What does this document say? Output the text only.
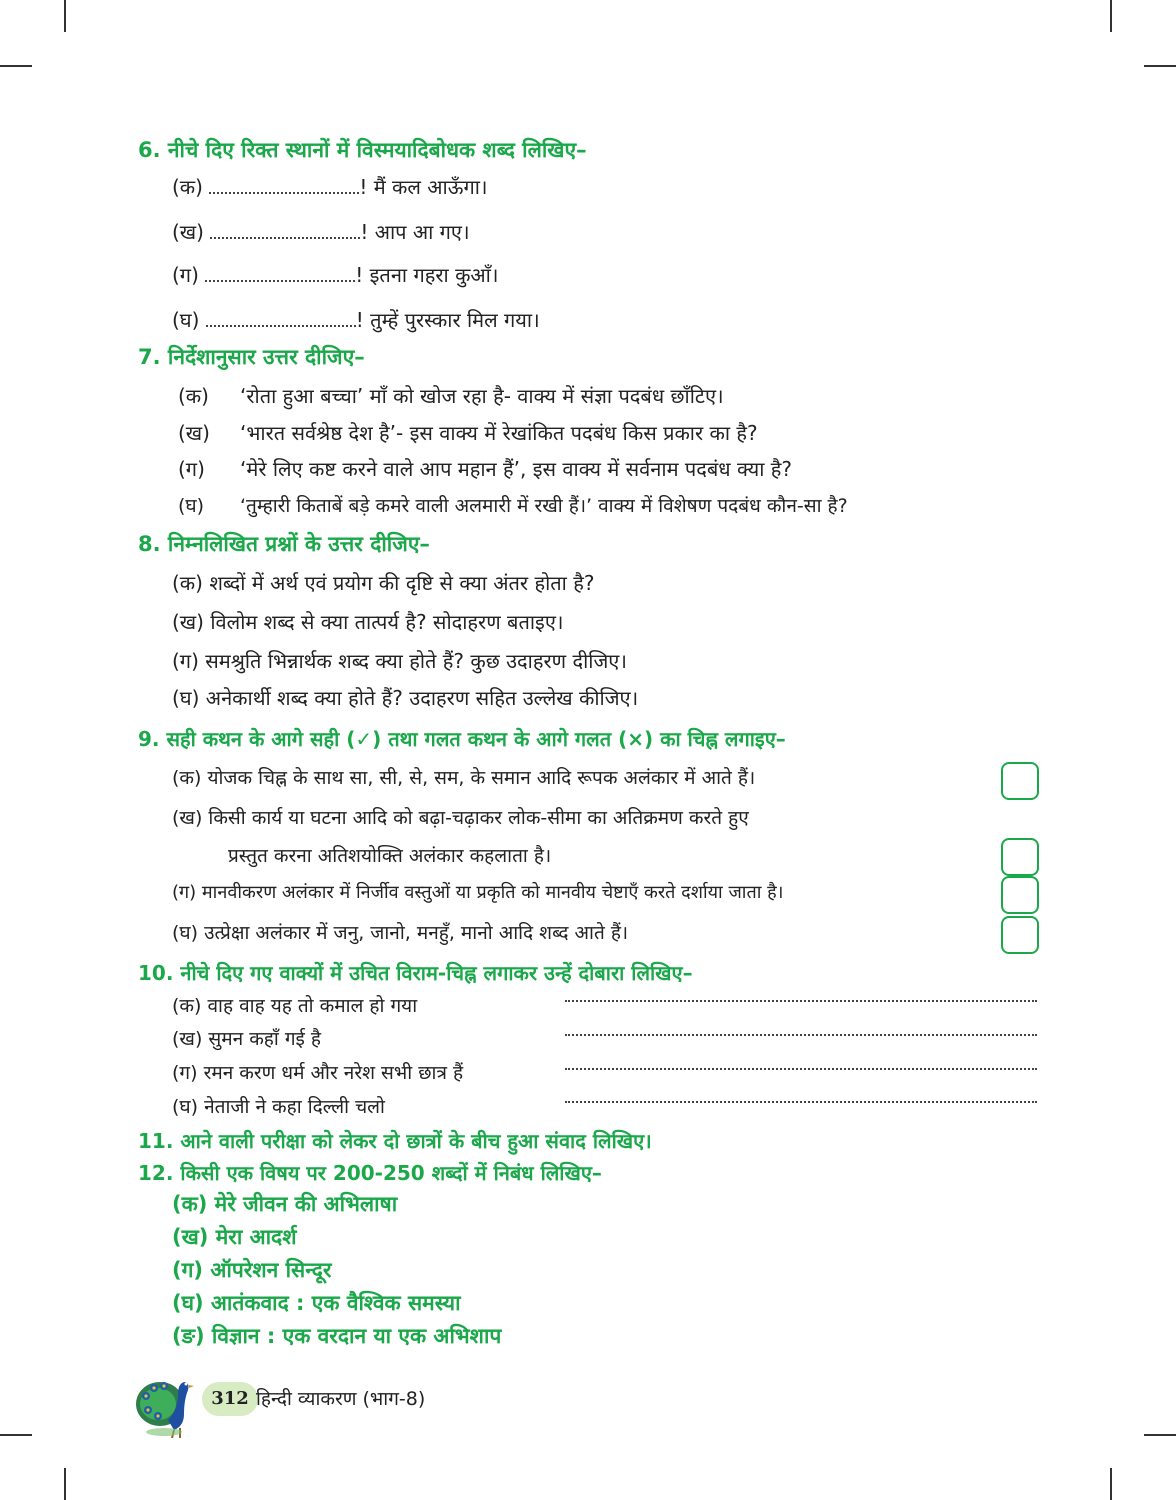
6. नीचे दिए रिक्त स्थानों में विस्मयादिबोधक शब्द लिखिए–
(क)	! मैं कल आऊँगा।
(ख)	! आप आ गए।
(ग)	! इतना गहरा कुआँ।
(घ)	! तुम्हें पुरस्कार मिल गया।
7. निर्देशानुसार उत्तर दीजिए–
(क) ‘रोता हुआ बच्चा’ माँ को खोज रहा है- वाक्य में संज्ञा पदबंध छाँटिए।
(ख) ‘भारत सर्वश्रेष्ठ देश है’- इस वाक्य में रेखांकित पदबंध किस प्रकार का है?
(ग) ‘मेरे लिए कष्ट करने वाले आप महान हैं’, इस वाक्य में सर्वनाम पदबंध क्या है?
(घ) ‘तुम्हारी किताबें बड़े कमरे वाली अलमारी में रखी हैं।’ वाक्य में विशेषण पदबंध कौन-सा है?
8. निम्नलिखित प्रश्नों के उत्तर दीजिए–
(क) शब्दों में अर्थ एवं प्रयोग की दृष्टि से क्या अंतर होता है?
(ख) विलोम शब्द से क्या तात्पर्य है? सोदाहरण बताइए।
(ग) समश्रुति भिन्नार्थक शब्द क्या होते हैं? कुछ उदाहरण दीजिए।
(घ) अनेकार्थी शब्द क्या होते हैं? उदाहरण सहित उल्लेख कीजिए।
9. सही कथन के आगे सही (✓) तथा गलत कथन के आगे गलत (×) का चिह्न लगाइए–
(क) योजक चिह्न के साथ सा, सी, से, सम, के समान आदि रूपक अलंकार में आते हैं।
(ख) किसी कार्य या घटना आदि को बढ़ा-चढ़ाकर लोक-सीमा का अतिक्रमण करते हुए
प्रस्तुत करना अतिशयोक्ति अलंकार कहलाता है।
(ग) मानवीकरण अलंकार में निर्जीव वस्तुओं या प्रकृति को मानवीय चेष्टाएँ करते दर्शाया जाता है।
(घ) उत्प्रेक्षा अलंकार में जनु, जानो, मनहुँ, मानो आदि शब्द आते हैं।
10. नीचे दिए गए वाक्यों में उचित विराम-चिह्न लगाकर उन्हें दोबारा लिखिए–
(क) वाह वाह यह तो कमाल हो गया
(ख) सुमन कहाँ गई है
(ग) रमन करण धर्म और नरेश सभी छात्र हैं
(घ) नेताजी ने कहा दिल्ली चलो
11. आने वाली परीक्षा को लेकर दो छात्रों के बीच हुआ संवाद लिखिए।
12. किसी एक विषय पर 200-250 शब्दों में निबंध लिखिए–
(क) मेरे जीवन की अभिलाषा
(ख) मेरा आदर्श
(ग) ऑपरेशन सिन्दूर
(घ) आतंकवाद : एक वैश्विक समस्या
(ङ) विज्ञान : एक वरदान या एक अभिशाप
312 हिन्दी व्याकरण (भाग-8)
